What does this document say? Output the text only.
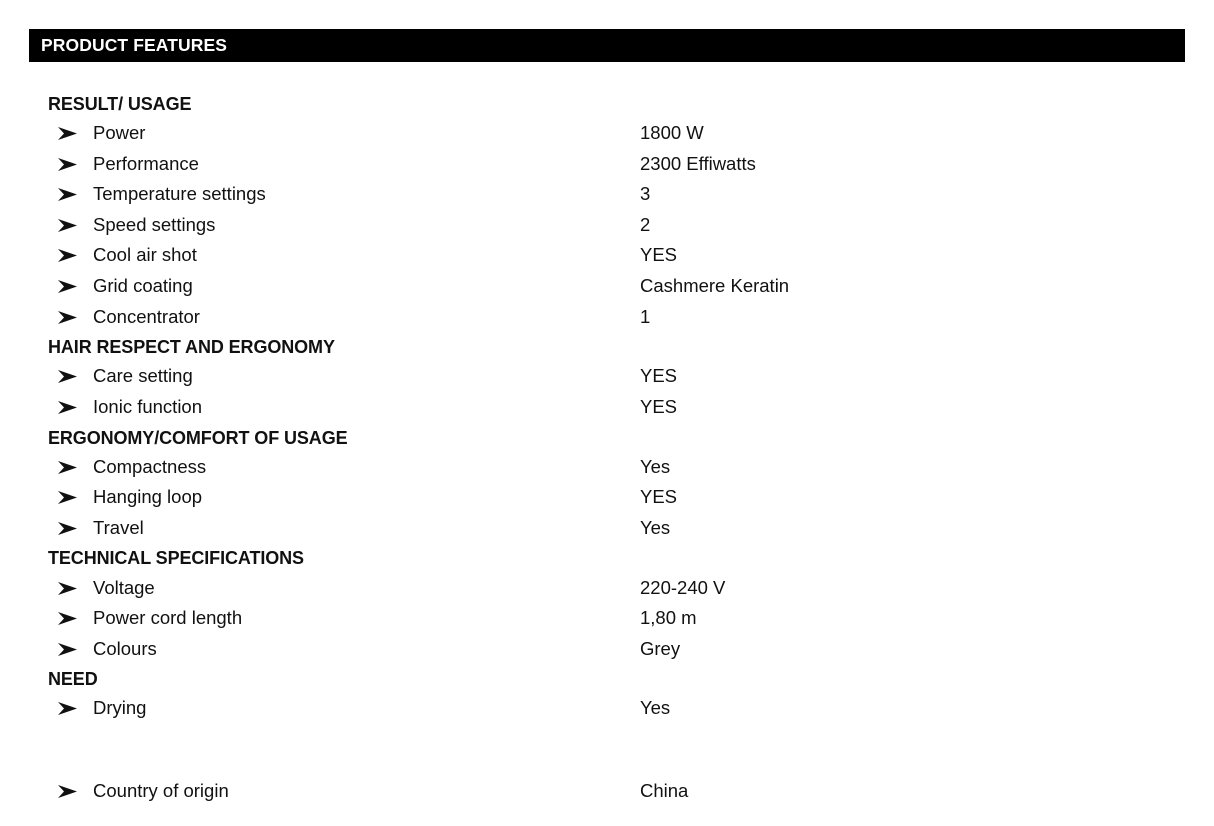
PRODUCT FEATURES
RESULT/ USAGE
Power	1800 W
Performance	2300 Effiwatts
Temperature settings	3
Speed settings	2
Cool air shot	YES
Grid coating	Cashmere Keratin
Concentrator	1
HAIR RESPECT AND ERGONOMY
Care setting	YES
Ionic function	YES
ERGONOMY/COMFORT OF USAGE
Compactness	Yes
Hanging loop	YES
Travel	Yes
TECHNICAL SPECIFICATIONS
Voltage	220-240 V
Power cord length	1,80 m
Colours	Grey
NEED
Drying	Yes
Country of origin	China
